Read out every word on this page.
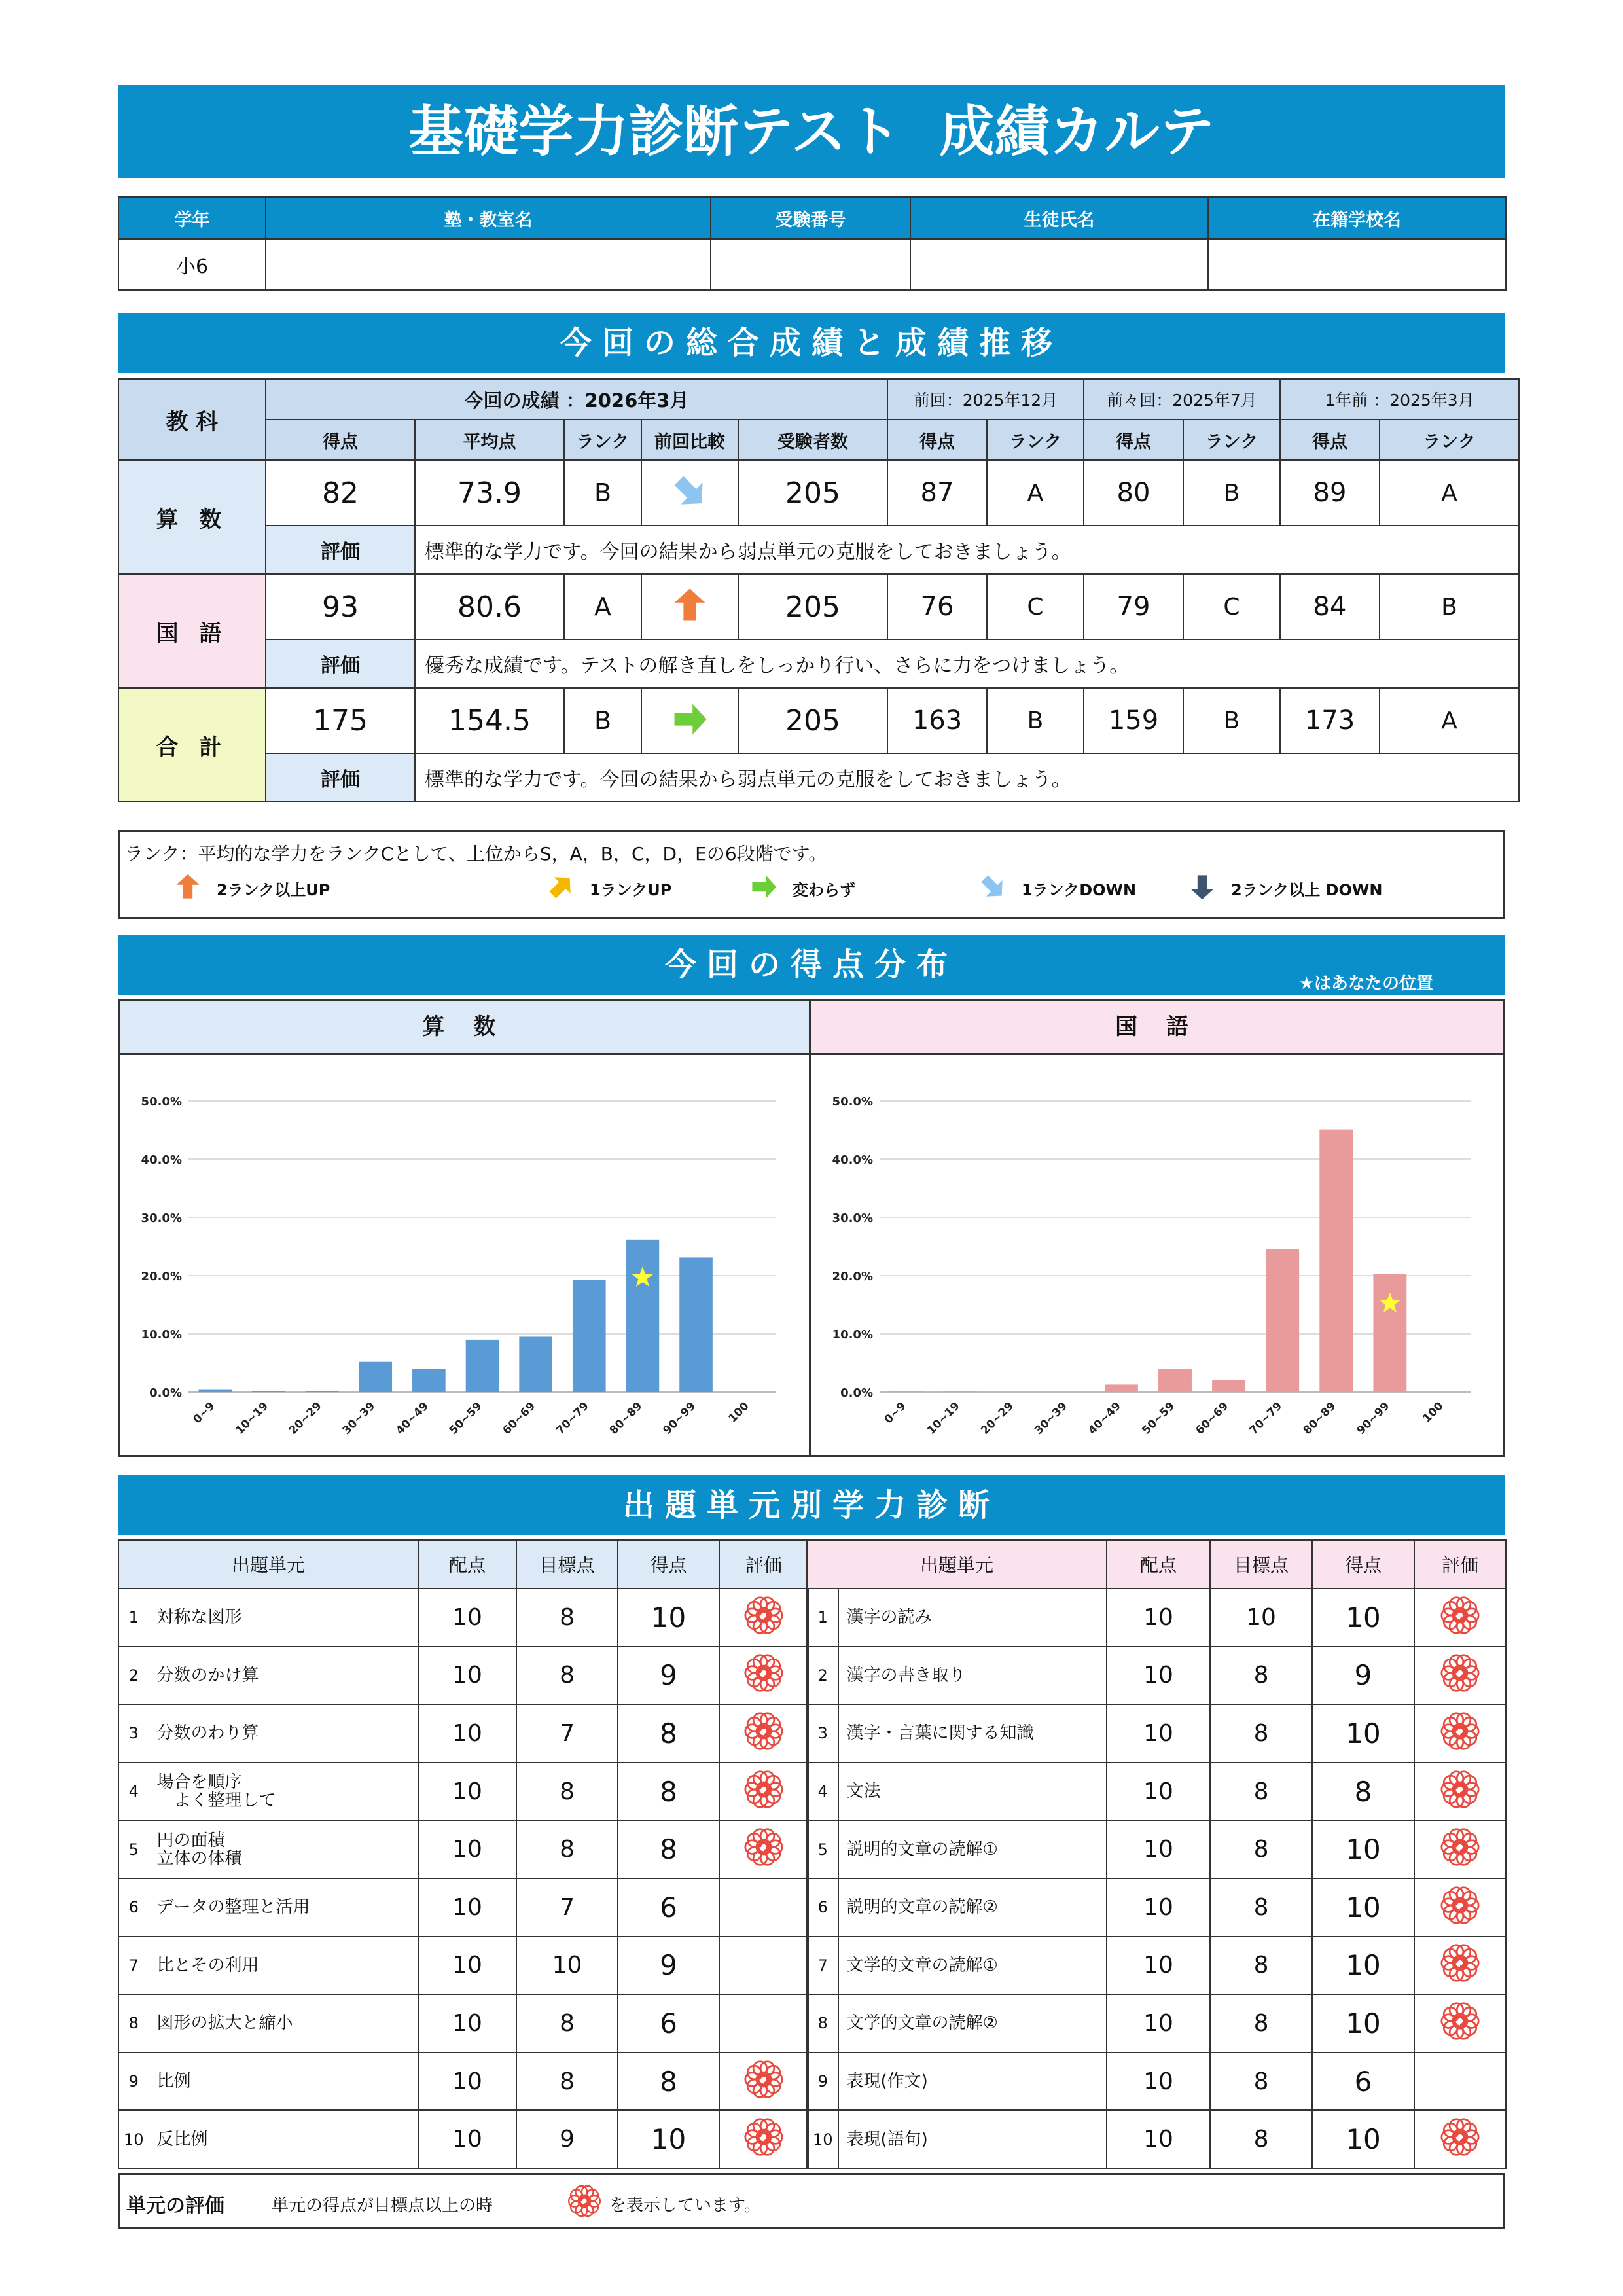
基礎学力診断テスト  成績カルテ
学年	塾・教室名	受験番号	生徒氏名	在籍学校名
小6				
今回の総合成績と成績推移
教 科	今回の成績 ：2026年3月					前回：2025年12月		前々回：2025年7月		1年前 ：2025年3月	
	得点	平均点	ランク	前回比較	受験者数	得点	ランク	得点	ランク	得点	ランク
算 数	82	73.9	B		205	87	A	80	B	89	A
	評価	標準的な学力です。今回の結果から弱点単元の克服をしておきましょう。									
国 語	93	80.6	A		205	76	C	79	C	84	B
	評価	優秀な成績です。テストの解き直しをしっかり行い、さらに力をつけましょう。									
合 計	175	154.5	B		205	163	B	159	B	173	A
	評価	標準的な学力です。今回の結果から弱点単元の克服をしておきましょう。									
ランク：平均的な学力をランクCとして、上位からS，A，B，C，D，Eの6段階です。
2ランク以上UP	1ランクUP	変わらず	1ランクDOWN	2ランク以上 DOWN
今回の得点分布
★はあなたの位置
算 数	国 語
0.0%
10.0%
20.0%
30.0%
40.0%
50.0%
0~9 10~19 20~29 30~39 40~49 50~59 60~69 70~79 80~89 90~99 100
0.0%
10.0%
20.0%
30.0%
40.0%
50.0%
0~9 10~19 20~29 30~39 40~49 50~59 60~69 70~79 80~89 90~99	100
出題単元別学力診断
出題単元		配点	目標点	得点	評価
1	対称な図形	10	8	10	
2	分数のかけ算	10	8	9	
3	分数のわり算	10	7	8	
4	場合を順序
　よく整理して	10	8	8	
5	円の面積
立体の体積	10	8	8	
6	データの整理と活用	10	7	6	
7	比とその利用	10	10	9	
8	図形の拡大と縮小	10	8	6	
9	比例	10	8	8	
10	反比例	10	9	10	
出題単元		配点	目標点	得点	評価
1	漢字の読み	10	10	10	
2	漢字の書き取り	10	8	9	
3	漢字・言葉に関する知識	10	8	10	
4	文法	10	8	8	
5	説明的文章の読解①	10	8	10	
6	説明的文章の読解②	10	8	10	
7	文学的文章の読解①	10	8	10	
8	文学的文章の読解②	10	8	10	
9	表現(作文)	10	8	6	
10	表現(語句)	10	8	10	
単元の評価	単元の得点が目標点以上の時	を表示しています。
